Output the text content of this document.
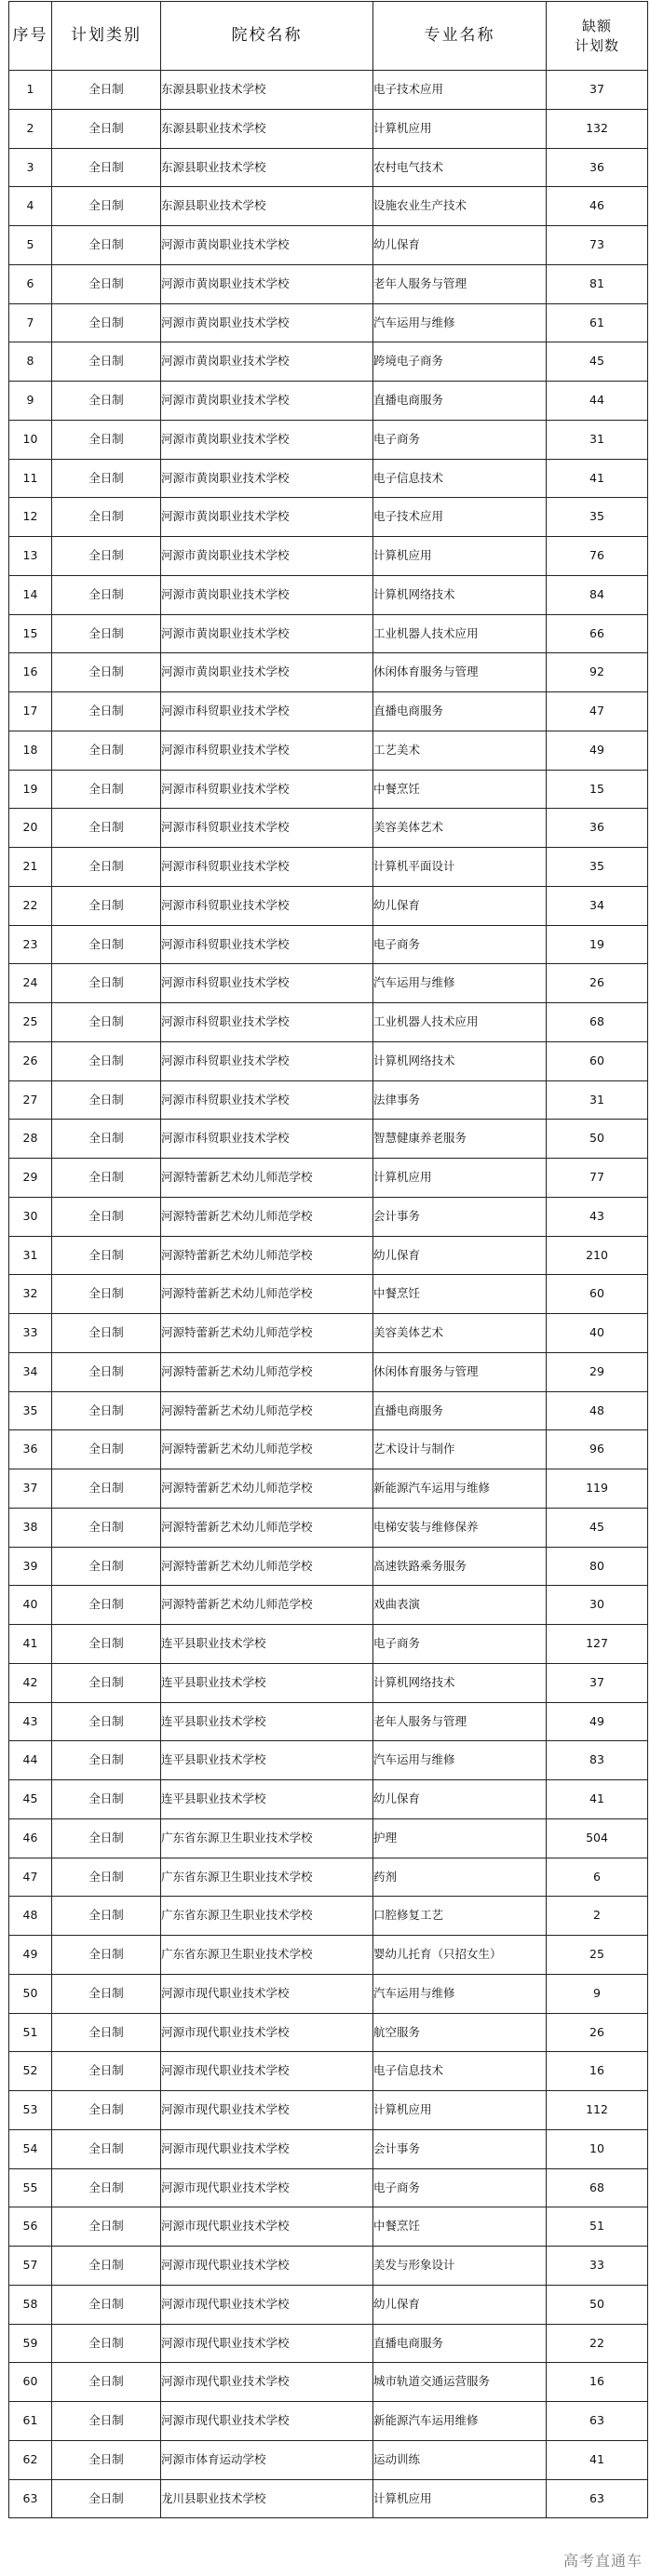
序号	计划类别	院校名称	专业名称	缺额
计划数

1	全日制	东源县职业技术学校	电子技术应用	37
2	全日制	东源县职业技术学校	计算机应用	132
3	全日制	东源县职业技术学校	农村电气技术	36
4	全日制	东源县职业技术学校	设施农业生产技术	46
5	全日制	河源市黄岗职业技术学校	幼儿保育	73
6	全日制	河源市黄岗职业技术学校	老年人服务与管理	81
7	全日制	河源市黄岗职业技术学校	汽车运用与维修	61
8	全日制	河源市黄岗职业技术学校	跨境电子商务	45
9	全日制	河源市黄岗职业技术学校	直播电商服务	44
10	全日制	河源市黄岗职业技术学校	电子商务	31
11	全日制	河源市黄岗职业技术学校	电子信息技术	41
12	全日制	河源市黄岗职业技术学校	电子技术应用	35
13	全日制	河源市黄岗职业技术学校	计算机应用	76
14	全日制	河源市黄岗职业技术学校	计算机网络技术	84
15	全日制	河源市黄岗职业技术学校	工业机器人技术应用	66
16	全日制	河源市黄岗职业技术学校	休闲体育服务与管理	92
17	全日制	河源市科贸职业技术学校	直播电商服务	47
18	全日制	河源市科贸职业技术学校	工艺美术	49
19	全日制	河源市科贸职业技术学校	中餐烹饪	15
20	全日制	河源市科贸职业技术学校	美容美体艺术	36
21	全日制	河源市科贸职业技术学校	计算机平面设计	35
22	全日制	河源市科贸职业技术学校	幼儿保育	34
23	全日制	河源市科贸职业技术学校	电子商务	19
24	全日制	河源市科贸职业技术学校	汽车运用与维修	26
25	全日制	河源市科贸职业技术学校	工业机器人技术应用	68
26	全日制	河源市科贸职业技术学校	计算机网络技术	60
27	全日制	河源市科贸职业技术学校	法律事务	31
28	全日制	河源市科贸职业技术学校	智慧健康养老服务	50
29	全日制	河源特蕾新艺术幼儿师范学校	计算机应用	77
30	全日制	河源特蕾新艺术幼儿师范学校	会计事务	43
31	全日制	河源特蕾新艺术幼儿师范学校	幼儿保育	210
32	全日制	河源特蕾新艺术幼儿师范学校	中餐烹饪	60
33	全日制	河源特蕾新艺术幼儿师范学校	美容美体艺术	40
34	全日制	河源特蕾新艺术幼儿师范学校	休闲体育服务与管理	29
35	全日制	河源特蕾新艺术幼儿师范学校	直播电商服务	48
36	全日制	河源特蕾新艺术幼儿师范学校	艺术设计与制作	96
37	全日制	河源特蕾新艺术幼儿师范学校	新能源汽车运用与维修	119
38	全日制	河源特蕾新艺术幼儿师范学校	电梯安装与维修保养	45
39	全日制	河源特蕾新艺术幼儿师范学校	高速铁路乘务服务	80
40	全日制	河源特蕾新艺术幼儿师范学校	戏曲表演	30
41	全日制	连平县职业技术学校	电子商务	127
42	全日制	连平县职业技术学校	计算机网络技术	37
43	全日制	连平县职业技术学校	老年人服务与管理	49
44	全日制	连平县职业技术学校	汽车运用与维修	83
45	全日制	连平县职业技术学校	幼儿保育	41
46	全日制	广东省东源卫生职业技术学校	护理	504
47	全日制	广东省东源卫生职业技术学校	药剂	6
48	全日制	广东省东源卫生职业技术学校	口腔修复工艺	2
49	全日制	广东省东源卫生职业技术学校	婴幼儿托育（只招女生）	25
50	全日制	河源市现代职业技术学校	汽车运用与维修	9
51	全日制	河源市现代职业技术学校	航空服务	26
52	全日制	河源市现代职业技术学校	电子信息技术	16
53	全日制	河源市现代职业技术学校	计算机应用	112
54	全日制	河源市现代职业技术学校	会计事务	10
55	全日制	河源市现代职业技术学校	电子商务	68
56	全日制	河源市现代职业技术学校	中餐烹饪	51
57	全日制	河源市现代职业技术学校	美发与形象设计	33
58	全日制	河源市现代职业技术学校	幼儿保育	50
59	全日制	河源市现代职业技术学校	直播电商服务	22
60	全日制	河源市现代职业技术学校	城市轨道交通运营服务	16
61	全日制	河源市现代职业技术学校	新能源汽车运用维修	63
62	全日制	河源市体育运动学校	运动训练	41
63	全日制	龙川县职业技术学校	计算机应用	63
高考直通车
